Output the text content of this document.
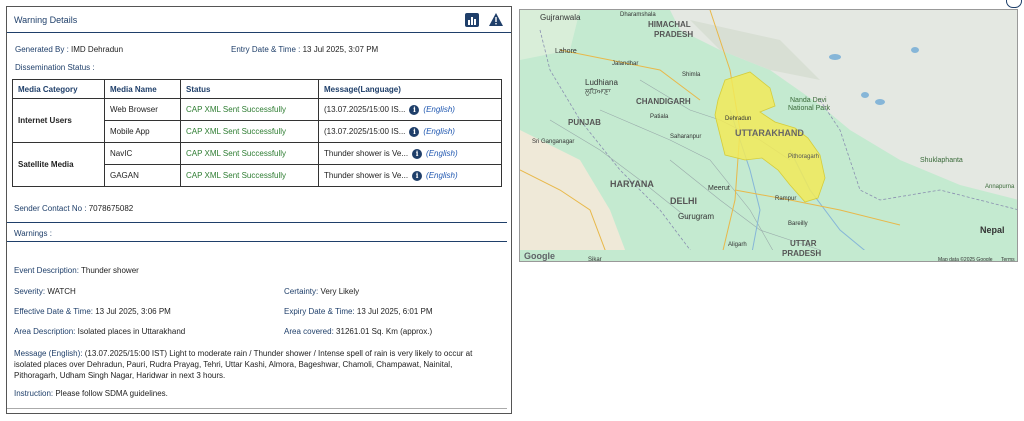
Warning Details
Generated By : IMD Dehradun	Entry Date & Time : 13 Jul 2025, 3:07 PM
Dissemination Status :
Media Category	Media Name	Status	Message(Language)
Internet Users	Web Browser	CAP XML Sent Successfully	(13.07.2025/15:00 IS... i (English)

	Mobile App	CAP XML Sent Successfully	(13.07.2025/15:00 IS... i (English)

Satellite Media	NavIC	CAP XML Sent Successfully	Thunder shower is Ve... i (English)

	GAGAN	CAP XML Sent Successfully	Thunder shower is Ve... i (English)
Sender Contact No : 7078675082
Warnings :
Event Description: Thunder shower
Severity: WATCH	Certainty: Very Likely
Effective Date & Time: 13 Jul 2025, 3:06 PM	Expiry Date & Time: 13 Jul 2025, 6:01 PM
Area Description: Isolated places in Uttarakhand	Area covered: 31261.01 Sq. Km (approx.)
Message (English): (13.07.2025/15:00 IST) Light to moderate rain / Thunder shower / Intense spell of rain is very likely to occur at isolated places over Dehradun, Pauri, Rudra Prayag, Tehri, Uttar Kashi, Almora, Bageshwar, Chamoli, Champawat, Nainital, Pithoragarh, Udham Singh Nagar, Haridwar in next 3 hours.
Instruction: Please follow SDMA guidelines.
Gujranwala	Dharamshala
HIMACHAL
PRADESH
Lahore
Jalandhar
Ludhiana
ਲੁਧਿਆਣਾ
Shimla
CHANDIGARH	Nanda Devi
National Park
PUNJAB
Patiala	Dehradun
UTTARAKHAND
Saharanpur
Sri Ganganagar
Pithoragarh	Shuklaphanta
HARYANA	Meerut
DELHI	Rampur
Gurugram
Bareilly
Nepal
Aligarh	UTTAR
PRADESH
Sikar
Annapurna
Google	Map data ©2025 Google Terms
